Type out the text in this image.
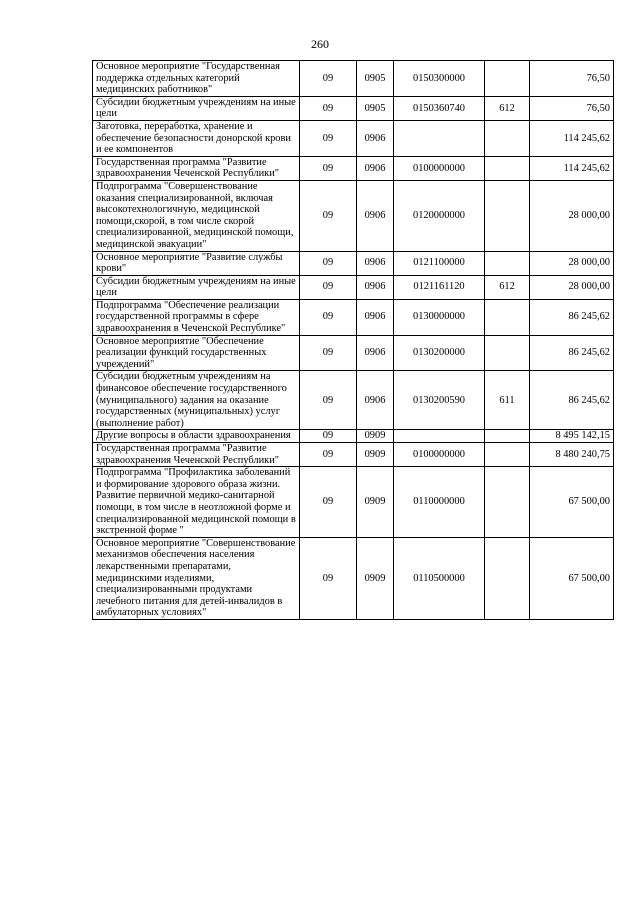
260
Основное мероприятие "Государственная поддержка отдельных категорий медицинских работников"	09	0905	0150300000		76,50
Субсидии бюджетным учреждениям на иные цели	09	0905	0150360740	612	76,50
Заготовка, переработка, хранение и обеспечение безопасности донорской крови и ее компонентов	09	0906			114 245,62
Государственная программа "Развитие здравоохранения Чеченской Республики"	09	0906	0100000000		114 245,62
Подпрограмма "Совершенствование оказания специализированной, включая высокотехнологичную, медицинской помощи,скорой, в том числе скорой специализированной, медицинской помощи, медицинской эвакуации"	09	0906	0120000000		28 000,00
Основное мероприятие "Развитие службы крови"	09	0906	0121100000		28 000,00
Субсидии бюджетным учреждениям на иные цели	09	0906	0121161120	612	28 000,00
Подпрограмма "Обеспечение реализации государственной программы в сфере здравоохранения в Чеченской Республике"	09	0906	0130000000		86 245,62
Основное мероприятие "Обеспечение реализации функций государственных учреждений"	09	0906	0130200000		86 245,62
Субсидии бюджетным учреждениям на финансовое обеспечение государственного (муниципального) задания на оказание государственных (муниципальных) услуг (выполнение работ)	09	0906	0130200590	611	86 245,62
Другие вопросы в области здравоохранения	09	0909			8 495 142,15
Государственная программа "Развитие здравоохранения Чеченской Республики"	09	0909	0100000000		8 480 240,75
Подпрограмма "Профилактика заболеваний и формирование здорового образа жизни. Развитие первичной медико-санитарной помощи, в том числе в неотложной форме и специализированной медицинской помощи в экстренной форме "	09	0909	0110000000		67 500,00
Основное мероприятие "Совершенствование механизмов обеспечения населения лекарственными препаратами, медицинскими изделиями, специализированными продуктами лечебного питания для детей-инвалидов в амбулаторных условиях"	09	0909	0110500000		67 500,00
